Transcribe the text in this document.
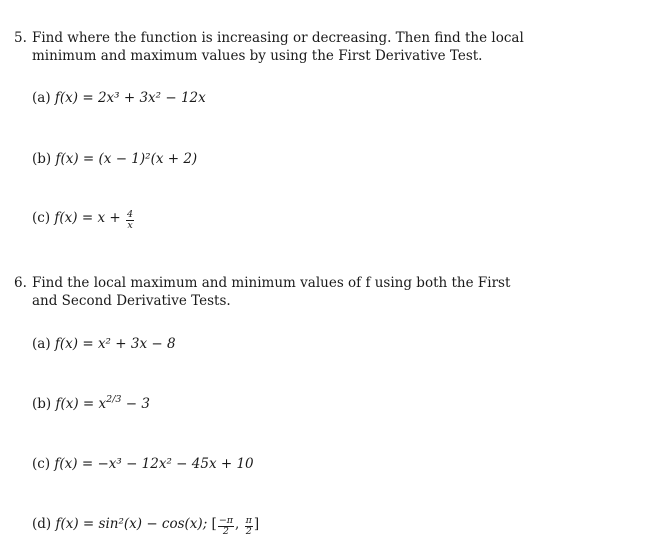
5. Find where the function is increasing or decreasing. Then find the local
minimum and maximum values by using the First Derivative Test.
(a) f(x) = 2x³ + 3x² − 12x
(b) f(x) = (x − 1)²(x + 2)
(c) $f(x) = x + \frac{4}{x}$
6. Find the local maximum and minimum values of f using both the First
and Second Derivative Tests.
(a) f(x) = x² + 3x − 8
(b) $f(x) = x^{2/3} - 3$
(c) f(x) = −x³ − 12x² − 45x + 10
(d) f(x) = sin²(x) − cos(x); [ $\frac{-\pi}{2}$ , $\frac{\pi}{2}$ ]
